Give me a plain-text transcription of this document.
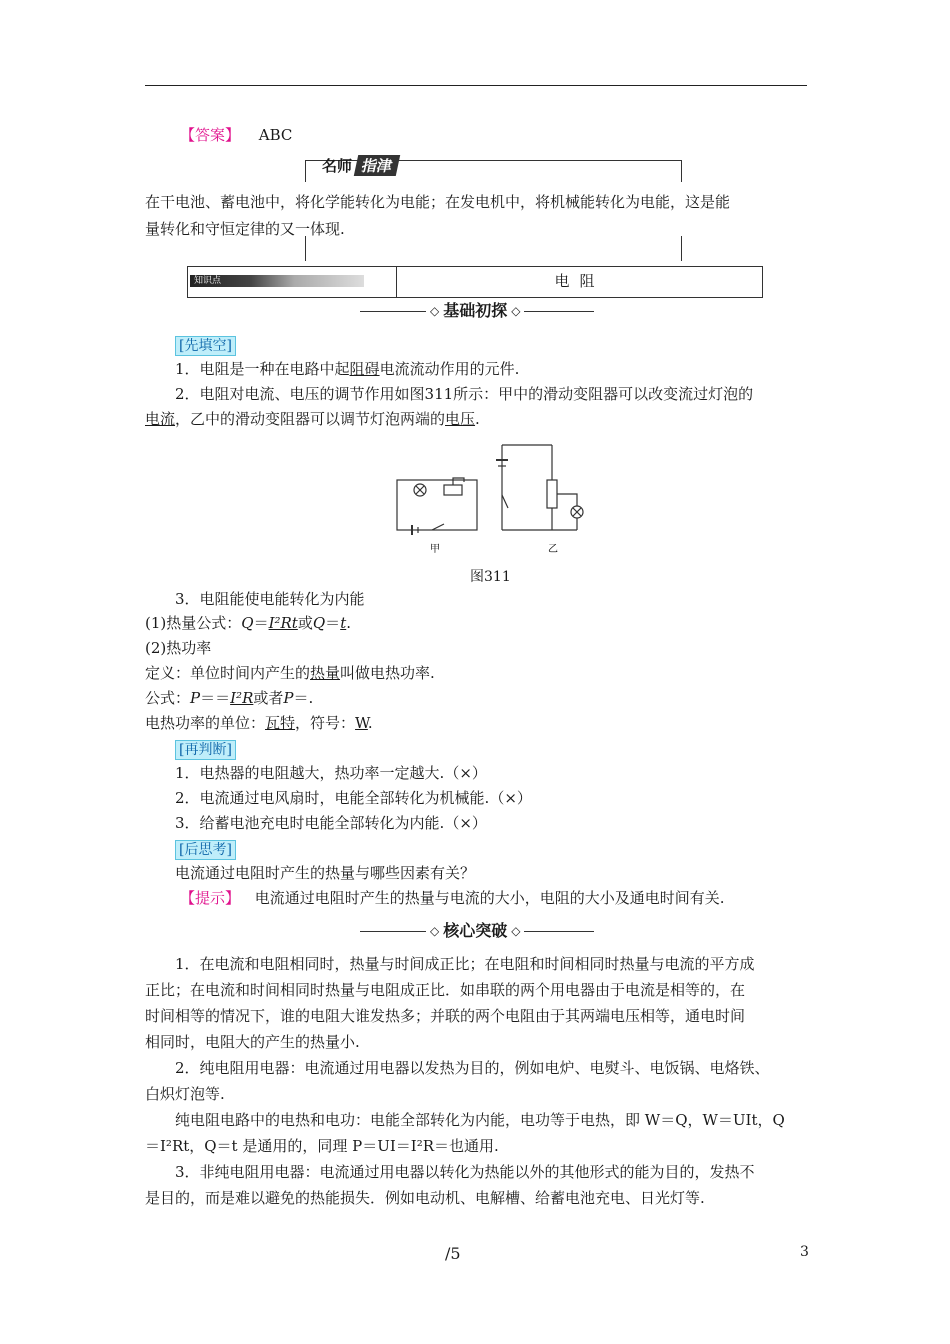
【答案】 ABC
名师 指津
在干电池、蓄电池中，将化学能转化为电能；在发电机中，将机械能转化为电能，这是能
量转化和守恒定律的又一体现.
知识点	电阻
◇ 基础初探 ◇
[先填空]
1．电阻是一种在电路中起阻碍电流流动作用的元件.
2．电阻对电流、电压的调节作用如图311所示：甲中的滑动变阻器可以改变流过灯泡的
电流，乙中的滑动变阻器可以调节灯泡两端的电压.
甲	乙
图311
3．电阻能使电能转化为内能
(1)热量公式：Q＝I²Rt或Q＝t.
(2)热功率
定义：单位时间内产生的热量叫做电热功率.
公式：P＝＝I²R或者P＝.
电热功率的单位：瓦特，符号：W.
[再判断]
1．电热器的电阻越大，热功率一定越大.（×）
2．电流通过电风扇时，电能全部转化为机械能.（×）
3．给蓄电池充电时电能全部转化为内能.（×）
[后思考]
电流通过电阻时产生的热量与哪些因素有关？
【提示】 电流通过电阻时产生的热量与电流的大小，电阻的大小及通电时间有关.
◇ 核心突破 ◇
1．在电流和电阻相同时，热量与时间成正比；在电阻和时间相同时热量与电流的平方成
正比；在电流和时间相同时热量与电阻成正比．如串联的两个用电器由于电流是相等的，在
时间相等的情况下，谁的电阻大谁发热多；并联的两个电阻由于其两端电压相等，通电时间
相同时，电阻大的产生的热量小.
2．纯电阻用电器：电流通过用电器以发热为目的，例如电炉、电熨斗、电饭锅、电烙铁、
白炽灯泡等.
纯电阻电路中的电热和电功：电能全部转化为内能，电功等于电热，即 W＝Q，W＝UIt，Q
＝I²Rt，Q＝t 是通用的，同理 P＝UI＝I²R＝也通用.
3．非纯电阻用电器：电流通过用电器以转化为热能以外的其他形式的能为目的，发热不
是目的，而是难以避免的热能损失．例如电动机、电解槽、给蓄电池充电、日光灯等.
/5	3
